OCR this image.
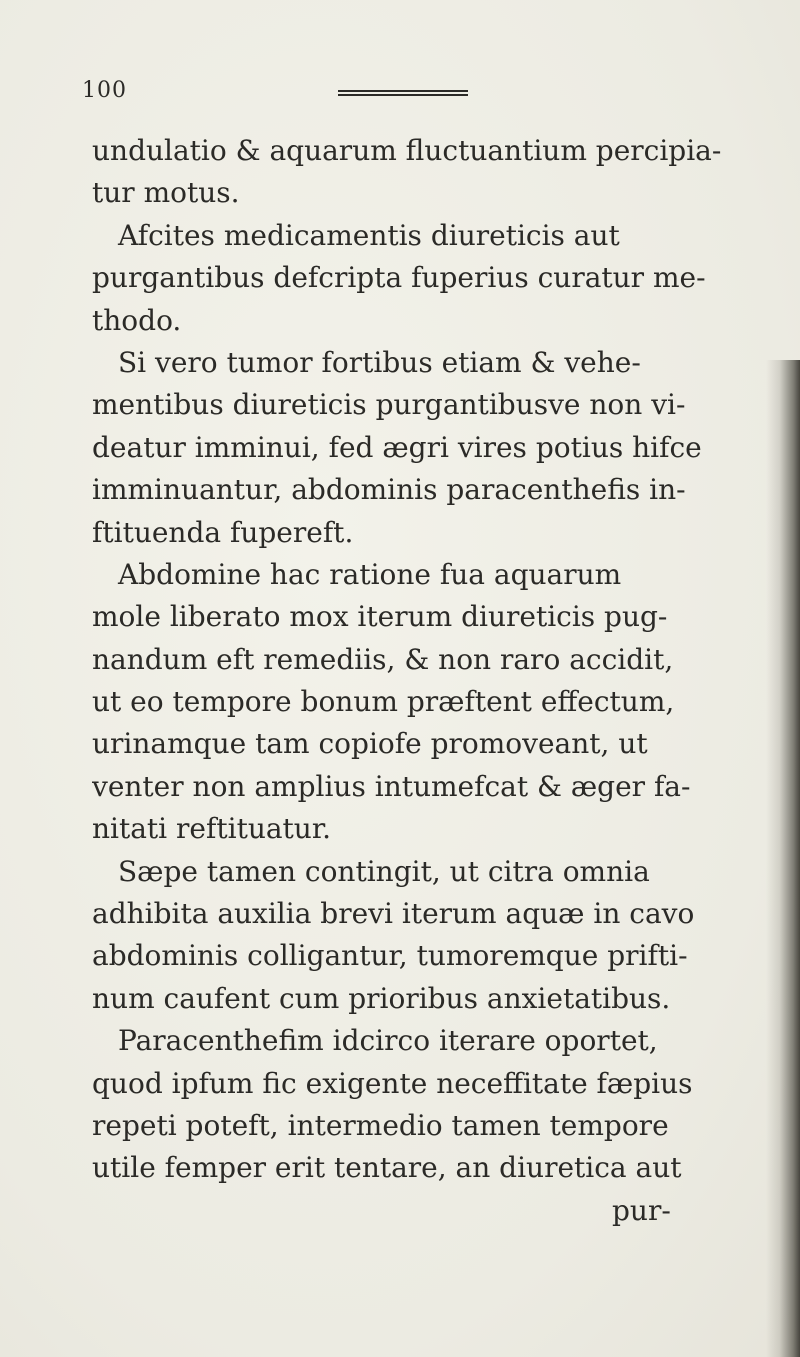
100
undulatio & aquarum fluctuantium percipia-
tur motus.
Afcites medicamentis diureticis aut
purgantibus defcripta fuperius curatur me-
thodo.
Si vero tumor fortibus etiam & vehe-
mentibus diureticis purgantibusve non vi-
deatur imminui, fed ægri vires potius hifce
imminuantur, abdominis paracenthefis in-
ftituenda fupereft.
Abdomine hac ratione fua aquarum
mole liberato mox iterum diureticis pug-
nandum eft remediis, & non raro accidit,
ut eo tempore bonum præftent effectum,
urinamque tam copiofe promoveant, ut
venter non amplius intumefcat & æger fa-
nitati reftituatur.
Sæpe tamen contingit, ut citra omnia
adhibita auxilia brevi iterum aquæ in cavo
abdominis colligantur, tumoremque prifti-
num caufent cum prioribus anxietatibus.
Paracenthefim idcirco iterare oportet,
quod ipfum fic exigente neceffitate fæpius
repeti poteft, intermedio tamen tempore
utile femper erit tentare, an diuretica aut
pur-
